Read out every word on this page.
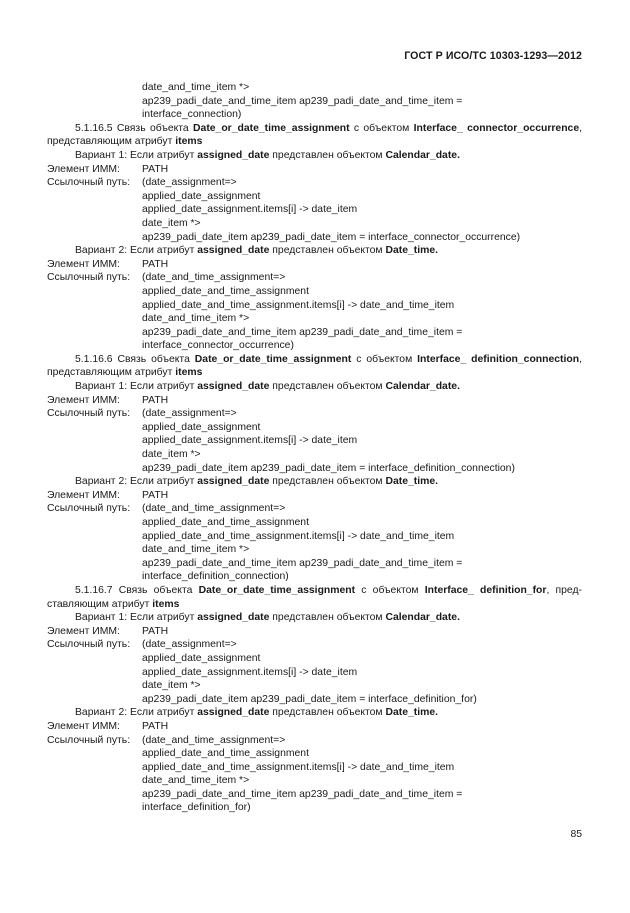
ГОСТ Р ИСО/ТС 10303-1293—2012
date_and_time_item *>
ap239_padi_date_and_time_item ap239_padi_date_and_time_item =
interface_connection)
5.1.16.5 Связь объекта Date_or_date_time_assignment с объектом Interface_ connector_occurrence,
представляющим атрибут items
Вариант 1: Если атрибут assigned_date представлен объектом Calendar_date.
Элемент ИММ: PATH
Ссылочный путь: (date_assignment=>
applied_date_assignment
applied_date_assignment.items[i] -> date_item
date_item *>
ap239_padi_date_item ap239_padi_date_item = interface_connector_occurrence)
Вариант 2: Если атрибут assigned_date представлен объектом Date_time.
Элемент ИММ: PATH
Ссылочный путь: (date_and_time_assignment=>
applied_date_and_time_assignment
applied_date_and_time_assignment.items[i] -> date_and_time_item
date_and_time_item *>
ap239_padi_date_and_time_item ap239_padi_date_and_time_item =
interface_connector_occurrence)
5.1.16.6 Связь объекта Date_or_date_time_assignment с объектом Interface_ definition_connection,
представляющим атрибут items
Вариант 1: Если атрибут assigned_date представлен объектом Calendar_date.
Элемент ИММ: PATH
Ссылочный путь: (date_assignment=>
applied_date_assignment
applied_date_assignment.items[i] -> date_item
date_item *>
ap239_padi_date_item ap239_padi_date_item = interface_definition_connection)
Вариант 2: Если атрибут assigned_date представлен объектом Date_time.
Элемент ИММ: PATH
Ссылочный путь: (date_and_time_assignment=>
applied_date_and_time_assignment
applied_date_and_time_assignment.items[i] -> date_and_time_item
date_and_time_item *>
ap239_padi_date_and_time_item ap239_padi_date_and_time_item =
interface_definition_connection)
5.1.16.7 Связь объекта Date_or_date_time_assignment с объектом Interface_ definition_for, пред-
ставляющим атрибут items
Вариант 1: Если атрибут assigned_date представлен объектом Calendar_date.
Элемент ИММ: PATH
Ссылочный путь: (date_assignment=>
applied_date_assignment
applied_date_assignment.items[i] -> date_item
date_item *>
ap239_padi_date_item ap239_padi_date_item = interface_definition_for)
Вариант 2: Если атрибут assigned_date представлен объектом Date_time.
Элемент ИММ: PATH
Ссылочный путь: (date_and_time_assignment=>
applied_date_and_time_assignment
applied_date_and_time_assignment.items[i] -> date_and_time_item
date_and_time_item *>
ap239_padi_date_and_time_item ap239_padi_date_and_time_item =
interface_definition_for)
85
